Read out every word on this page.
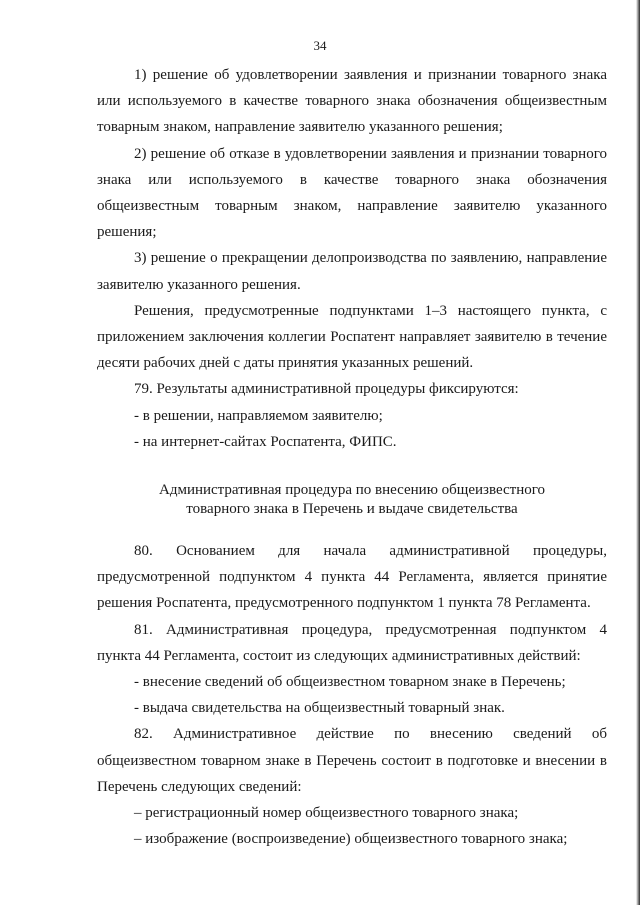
34

1) решение об удовлетворении заявления и признании товарного знака или используемого в качестве товарного знака обозначения общеизвестным товарным знаком, направление заявителю указанного решения;

2) решение об отказе в удовлетворении заявления и признании товарного знака или используемого в качестве товарного знака обозначения общеизвестным товарным знаком, направление заявителю указанного решения;

3) решение о прекращении делопроизводства по заявлению, направление заявителю указанного решения.

Решения, предусмотренные подпунктами 1–3 настоящего пункта, с приложением заключения коллегии Роспатент направляет заявителю в течение десяти рабочих дней с даты принятия указанных решений.

79. Результаты административной процедуры фиксируются:

- в решении, направляемом заявителю;

- на интернет-сайтах Роспатента, ФИПС.

Административная процедура по внесению общеизвестного
товарного знака в Перечень и выдаче свидетельства

80. Основанием для начала административной процедуры, предусмотренной подпунктом 4 пункта 44 Регламента, является принятие решения Роспатента, предусмотренного подпунктом 1 пункта 78 Регламента.

81. Административная процедура, предусмотренная подпунктом 4 пункта 44 Регламента, состоит из следующих административных действий:

- внесение сведений об общеизвестном товарном знаке в Перечень;

- выдача свидетельства на общеизвестный товарный знак.

82. Административное действие по внесению сведений об общеизвестном товарном знаке в Перечень состоит в подготовке и внесении в Перечень следующих сведений:

– регистрационный номер общеизвестного товарного знака;

– изображение (воспроизведение) общеизвестного товарного знака;
